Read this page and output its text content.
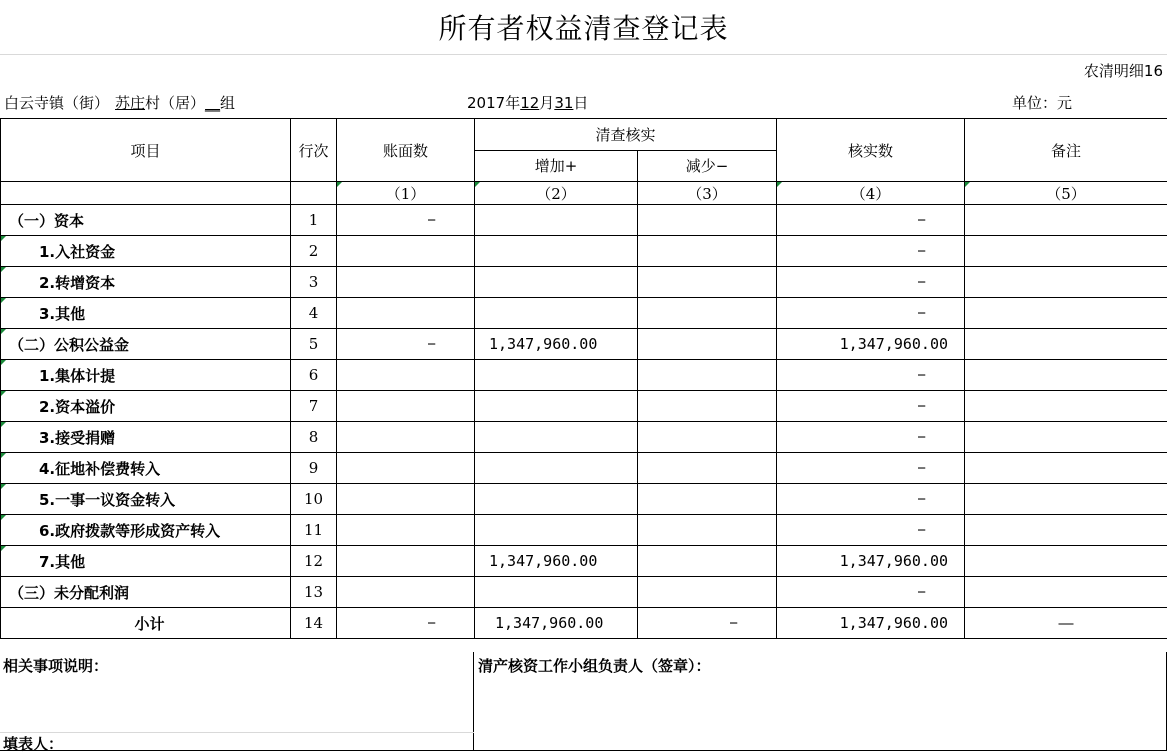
所有者权益清查登记表
农清明细16
白云寺镇（街） 苏庄村（居）__组	2017年12月31日	单位：元
项目	行次	账面数	清查核实		核实数	备注
			增加+	减少−		
		（1）	（2）	（3）	（4）	（5）
（一）资本	1	−			−	
1.入社资金	2				−	
2.转增资本	3				−	
3.其他	4				−	
（二）公积公益金	5	−	1,347,960.00		1,347,960.00	
1.集体计提	6				−	
2.资本溢价	7				−	
3.接受捐赠	8				−	
4.征地补偿费转入	9				−	
5.一事一议资金转入	10				−	
6.政府拨款等形成资产转入	11				−	
7.其他	12		1,347,960.00		1,347,960.00	
（三）未分配利润	13				−	
小计	14	−	1,347,960.00	−	1,347,960.00	—
相关事项说明：	清产核资工作小组负责人（签章）：
填表人：
